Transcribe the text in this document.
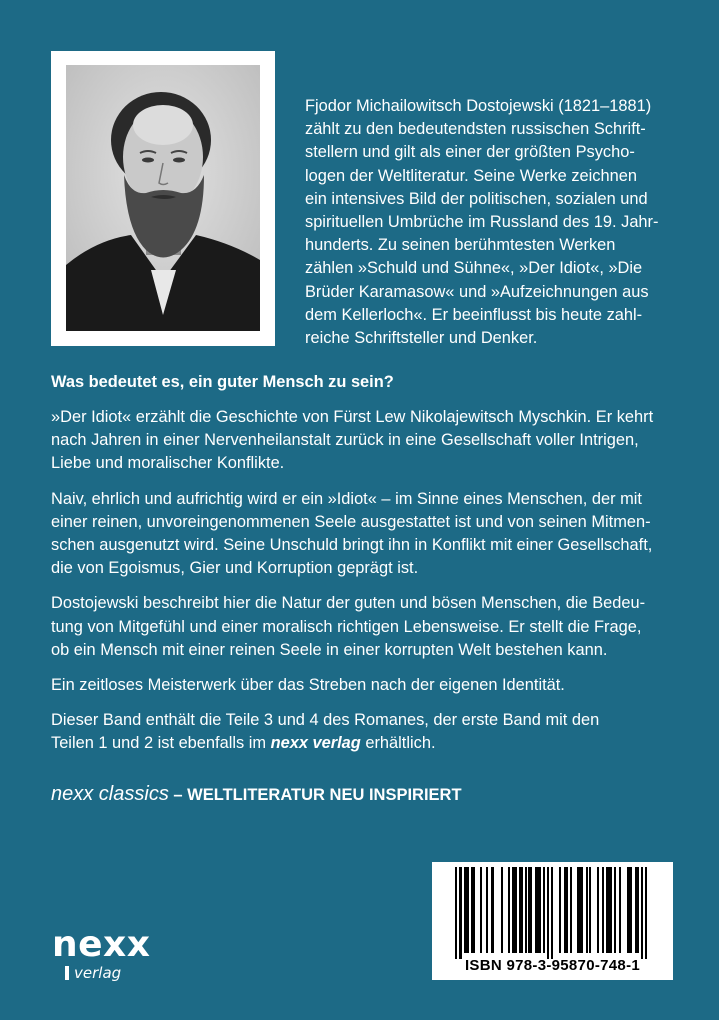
Fjodor Michailowitsch Dostojewski (1821–1881)
zählt zu den bedeutendsten russischen Schrift-
stellern und gilt als einer der größten Psycho-
logen der Weltliteratur. Seine Werke zeichnen
ein intensives Bild der politischen, sozialen und
spirituellen Umbrüche im Russland des 19. Jahr-
hunderts. Zu seinen berühmtesten Werken
zählen »Schuld und Sühne«, »Der Idiot«, »Die
Brüder Karamasow« und »Aufzeichnungen aus
dem Kellerloch«. Er beeinflusst bis heute zahl-
reiche Schriftsteller und Denker.
Was bedeutet es, ein guter Mensch zu sein?

»Der Idiot« erzählt die Geschichte von Fürst Lew Nikolajewitsch Myschkin. Er kehrt
nach Jahren in einer Nervenheilanstalt zurück in eine Gesellschaft voller Intrigen,
Liebe und moralischer Konflikte.

Naiv, ehrlich und aufrichtig wird er ein »Idiot« – im Sinne eines Menschen, der mit
einer reinen, unvoreingenommenen Seele ausgestattet ist und von seinen Mitmen-
schen ausgenutzt wird. Seine Unschuld bringt ihn in Konflikt mit einer Gesellschaft,
die von Egoismus, Gier und Korruption geprägt ist.

Dostojewski beschreibt hier die Natur der guten und bösen Menschen, die Bedeu-
tung von Mitgefühl und einer moralisch richtigen Lebensweise. Er stellt die Frage,
ob ein Mensch mit einer reinen Seele in einer korrupten Welt bestehen kann.

Ein zeitloses Meisterwerk über das Streben nach der eigenen Identität.

Dieser Band enthält die Teile 3 und 4 des Romanes, der erste Band mit den
Teilen 1 und 2 ist ebenfalls im nexx verlag erhältlich.

nexx classics – WELTLITERATUR NEU INSPIRIERT
nexx
verlag	ISBN 978-3-95870-748-1
